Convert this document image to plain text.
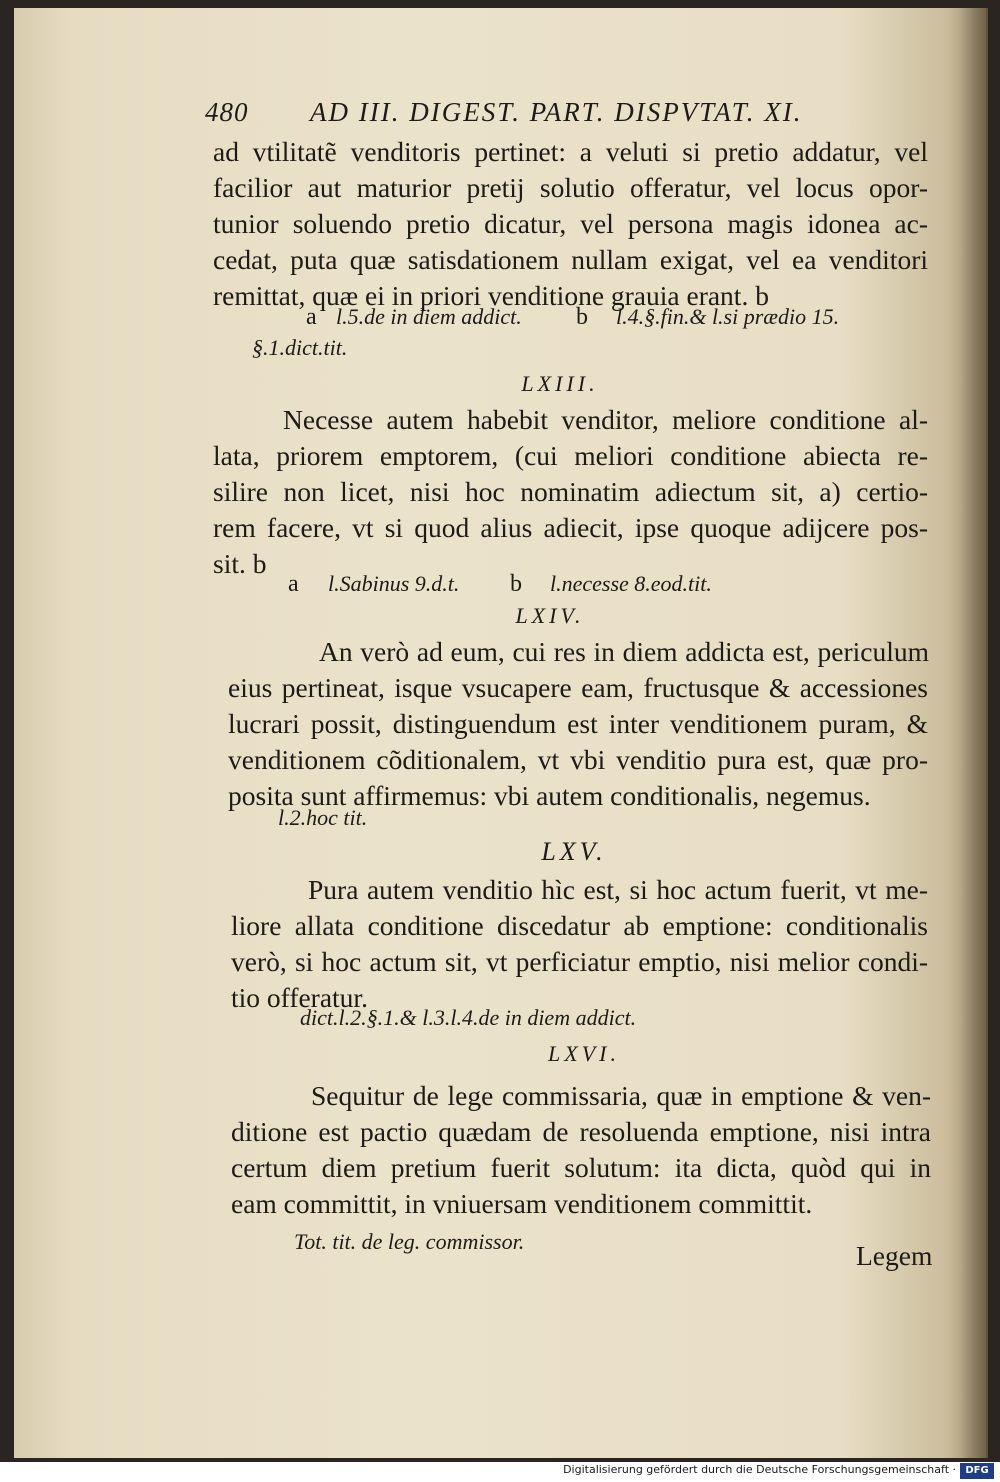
480 AD III. DIGEST. PART. DISPVTAT. XI.
ad vtilitatẽ venditoris pertinet: a veluti si pretio addatur, vel
facilior aut maturior pretij solutio offeratur, vel locus opor-
tunior soluendo pretio dicatur, vel persona magis idonea ac-
cedat, puta quæ satisdationem nullam exigat, vel ea venditori
remittat, quæ ei in priori venditione grauia erant. b
a l.5.de in diem addict. b l.4.§.fin.& l.si prædio 15.
§.1.dict.tit.
LXIII.
Necesse autem habebit venditor, meliore conditione al-
lata, priorem emptorem, (cui meliori conditione abiecta re-
silire non licet, nisi hoc nominatim adiectum sit, a) certio-
rem facere, vt si quod alius adiecit, ipse quoque adijcere pos-
sit. b
a l.Sabinus 9.d.t. b l.necesse 8.eod.tit.
LXIV.
An verò ad eum, cui res in diem addicta est, periculum
eius pertineat, isque vsucapere eam, fructusque & accessiones
lucrari possit, distinguendum est inter venditionem puram, &
venditionem cõditionalem, vt vbi venditio pura est, quæ pro-
posita sunt affirmemus: vbi autem conditionalis, negemus.
l.2.hoc tit.
LXV.
Pura autem venditio hìc est, si hoc actum fuerit, vt me-
liore allata conditione discedatur ab emptione: conditionalis
verò, si hoc actum sit, vt perficiatur emptio, nisi melior condi-
tio offeratur.
dict.l.2.§.1.& l.3.l.4.de in diem addict.
LXVI.
Sequitur de lege commissaria, quæ in emptione & ven-
ditione est pactio quædam de resoluenda emptione, nisi intra
certum diem pretium fuerit solutum: ita dicta, quòd qui in
eam committit, in vniuersam venditionem committit.
Tot. tit. de leg. commissor.	Legem
Digitalisierung gefördert durch die Deutsche Forschungsgemeinschaft · DFG
